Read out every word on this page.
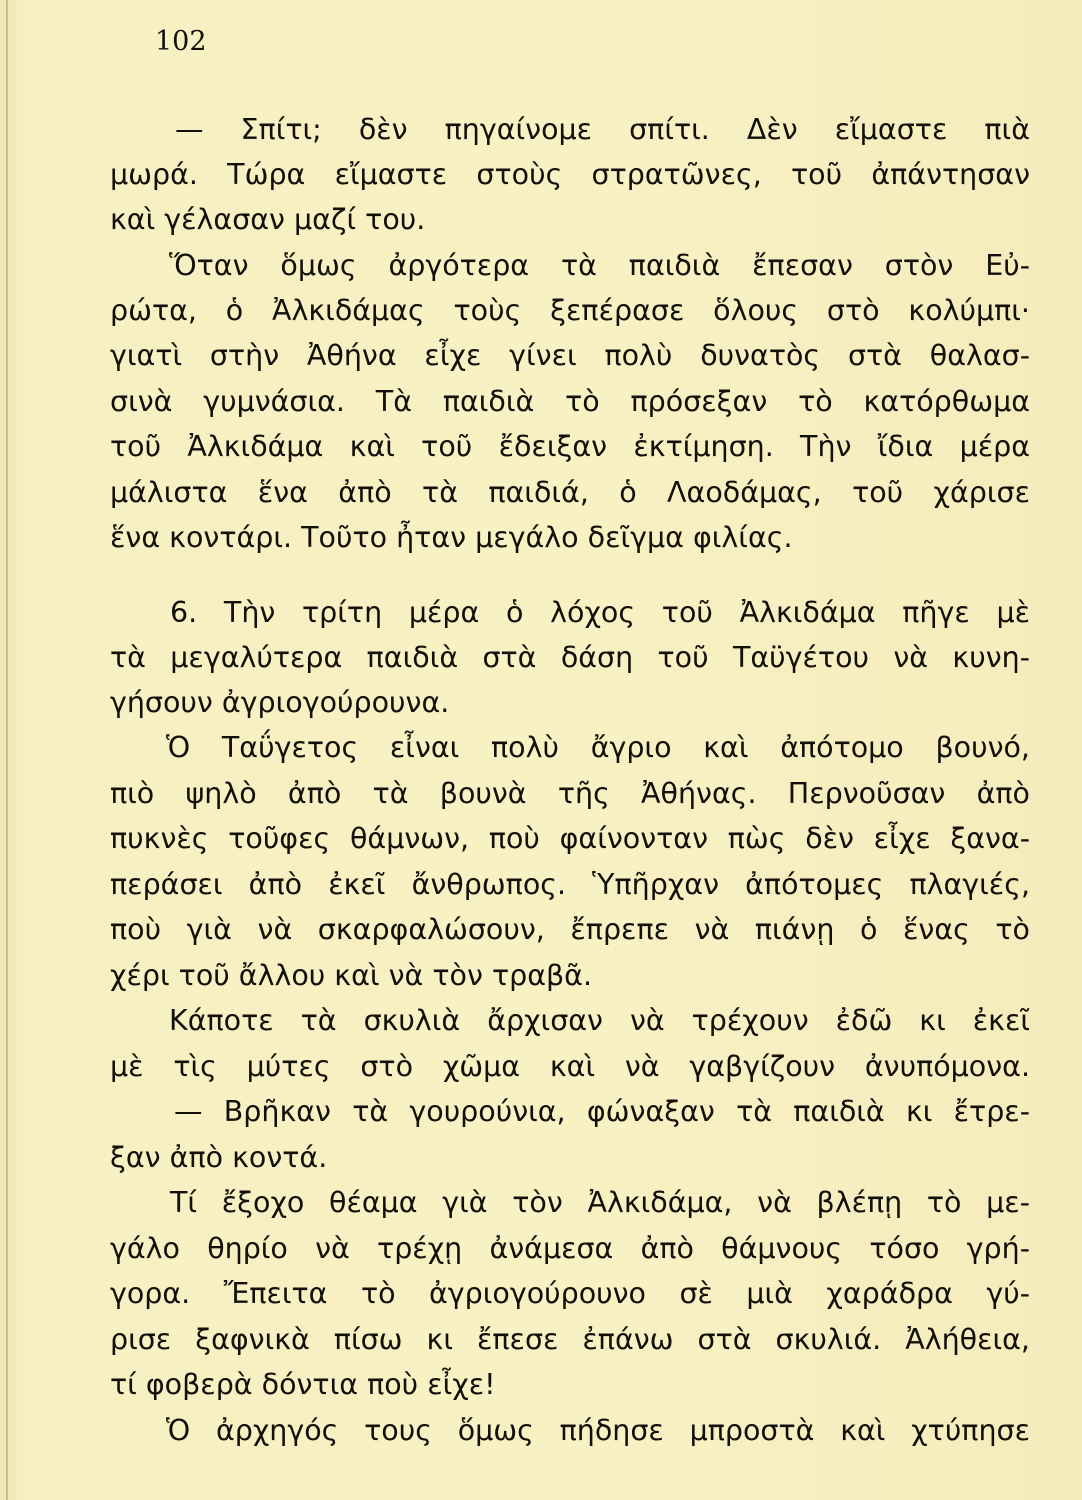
102
— Σπίτι; δὲν πηγαίνομε σπίτι. Δὲν εἴμαστε πιὰ
μωρά. Τώρα εἴμαστε στοὺς στρατῶνες, τοῦ ἀπάντησαν
καὶ γέλασαν μαζί του.
Ὅταν ὅμως ἀργότερα τὰ παιδιὰ ἔπεσαν στὸν Εὐ-
ρώτα, ὁ Ἀλκιδάμας τοὺς ξεπέρασε ὅλους στὸ κολύμπι·
γιατὶ στὴν Ἀθήνα εἶχε γίνει πολὺ δυνατὸς στὰ θαλασ-
σινὰ γυμνάσια. Τὰ παιδιὰ τὸ πρόσεξαν τὸ κατόρθωμα
τοῦ Ἀλκιδάμα καὶ τοῦ ἔδειξαν ἐκτίμηση. Τὴν ἴδια μέρα
μάλιστα ἕνα ἀπὸ τὰ παιδιά, ὁ Λαοδάμας, τοῦ χάρισε
ἕνα κοντάρι. Τοῦτο ἦταν μεγάλο δεῖγμα φιλίας.
6. Τὴν τρίτη μέρα ὁ λόχος τοῦ Ἀλκιδάμα πῆγε μὲ
τὰ μεγαλύτερα παιδιὰ στὰ δάση τοῦ Ταϋγέτου νὰ κυνη-
γήσουν ἀγριογούρουνα.
Ὁ Ταΰγετος εἶναι πολὺ ἄγριο καὶ ἀπότομο βουνό,
πιὸ ψηλὸ ἀπὸ τὰ βουνὰ τῆς Ἀθήνας. Περνοῦσαν ἀπὸ
πυκνὲς τοῦφες θάμνων, ποὺ φαίνονταν πὼς δὲν εἶχε ξανα-
περάσει ἀπὸ ἐκεῖ ἄνθρωπος. Ὑπῆρχαν ἀπότομες πλαγιές,
ποὺ γιὰ νὰ σκαρφαλώσουν, ἔπρεπε νὰ πιάνῃ ὁ ἕνας τὸ
χέρι τοῦ ἄλλου καὶ νὰ τὸν τραβᾶ.
Κάποτε τὰ σκυλιὰ ἄρχισαν νὰ τρέχουν ἐδῶ κι ἐκεῖ
μὲ τὶς μύτες στὸ χῶμα καὶ νὰ γαβγίζουν ἀνυπόμονα.
— Βρῆκαν τὰ γουρούνια, φώναξαν τὰ παιδιὰ κι ἔτρε-
ξαν ἀπὸ κοντά.
Τί ἔξοχο θέαμα γιὰ τὸν Ἀλκιδάμα, νὰ βλέπῃ τὸ με-
γάλο θηρίο νὰ τρέχῃ ἀνάμεσα ἀπὸ θάμνους τόσο γρή-
γορα. Ἔπειτα τὸ ἀγριογούρουνο σὲ μιὰ χαράδρα γύ-
ρισε ξαφνικὰ πίσω κι ἔπεσε ἐπάνω στὰ σκυλιά. Ἀλήθεια,
τί φοβερὰ δόντια ποὺ εἶχε!
Ὁ ἀρχηγός τους ὅμως πήδησε μπροστὰ καὶ χτύπησε
